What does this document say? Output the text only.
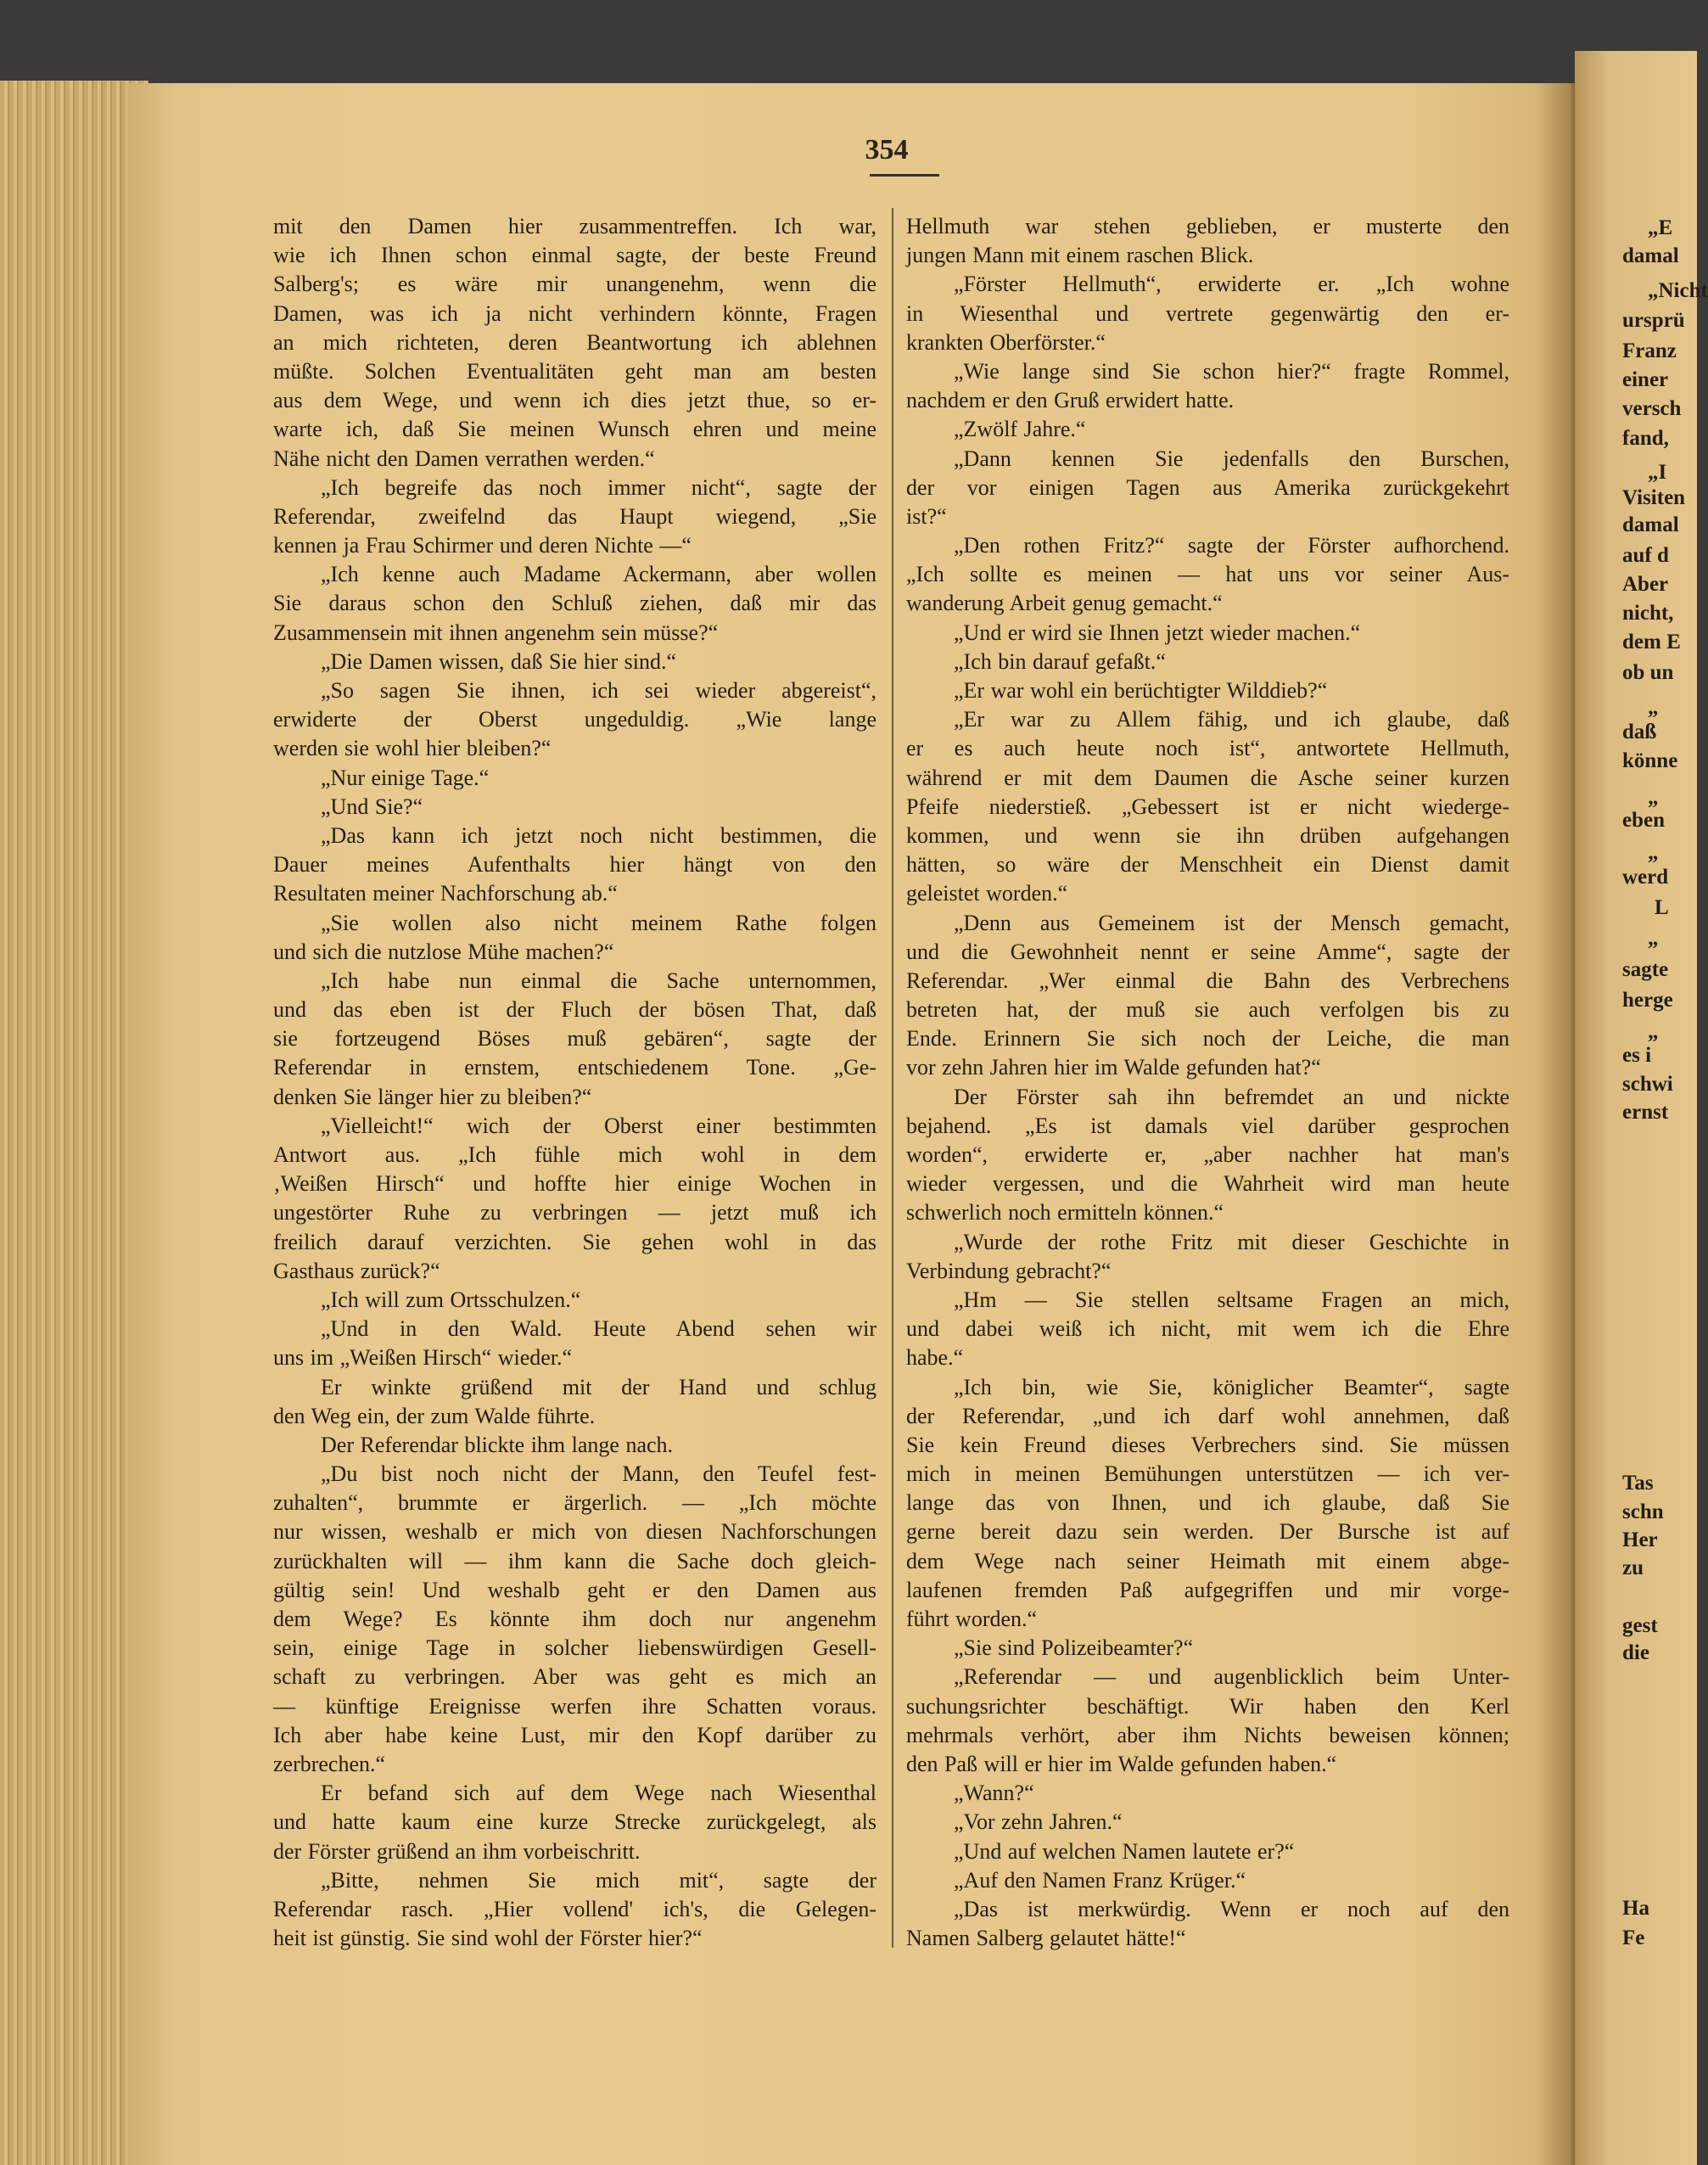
354
mit den Damen hier zusammentreffen. Ich war,
wie ich Ihnen schon einmal sagte, der beste Freund
Salberg's; es wäre mir unangenehm, wenn die
Damen, was ich ja nicht verhindern könnte, Fragen
an mich richteten, deren Beantwortung ich ablehnen
müßte. Solchen Eventualitäten geht man am besten
aus dem Wege, und wenn ich dies jetzt thue, so er-
warte ich, daß Sie meinen Wunsch ehren und meine
Nähe nicht den Damen verrathen werden.“
„Ich begreife das noch immer nicht“, sagte der
Referendar, zweifelnd das Haupt wiegend, „Sie
kennen ja Frau Schirmer und deren Nichte —“
„Ich kenne auch Madame Ackermann, aber wollen
Sie daraus schon den Schluß ziehen, daß mir das
Zusammensein mit ihnen angenehm sein müsse?“
„Die Damen wissen, daß Sie hier sind.“
„So sagen Sie ihnen, ich sei wieder abgereist“,
erwiderte der Oberst ungeduldig. „Wie lange
werden sie wohl hier bleiben?“
„Nur einige Tage.“
„Und Sie?“
„Das kann ich jetzt noch nicht bestimmen, die
Dauer meines Aufenthalts hier hängt von den
Resultaten meiner Nachforschung ab.“
„Sie wollen also nicht meinem Rathe folgen
und sich die nutzlose Mühe machen?“
„Ich habe nun einmal die Sache unternommen,
und das eben ist der Fluch der bösen That, daß
sie fortzeugend Böses muß gebären“, sagte der
Referendar in ernstem, entschiedenem Tone. „Ge-
denken Sie länger hier zu bleiben?“
„Vielleicht!“ wich der Oberst einer bestimmten
Antwort aus. „Ich fühle mich wohl in dem
‚Weißen Hirsch“ und hoffte hier einige Wochen in
ungestörter Ruhe zu verbringen — jetzt muß ich
freilich darauf verzichten. Sie gehen wohl in das
Gasthaus zurück?“
„Ich will zum Ortsschulzen.“
„Und in den Wald. Heute Abend sehen wir
uns im „Weißen Hirsch“ wieder.“
Er winkte grüßend mit der Hand und schlug
den Weg ein, der zum Walde führte.
Der Referendar blickte ihm lange nach.
„Du bist noch nicht der Mann, den Teufel fest-
zuhalten“, brummte er ärgerlich. — „Ich möchte
nur wissen, weshalb er mich von diesen Nachforschungen
zurückhalten will — ihm kann die Sache doch gleich-
gültig sein! Und weshalb geht er den Damen aus
dem Wege? Es könnte ihm doch nur angenehm
sein, einige Tage in solcher liebenswürdigen Gesell-
schaft zu verbringen. Aber was geht es mich an
— künftige Ereignisse werfen ihre Schatten voraus.
Ich aber habe keine Lust, mir den Kopf darüber zu
zerbrechen.“
Er befand sich auf dem Wege nach Wiesenthal
und hatte kaum eine kurze Strecke zurückgelegt, als
der Förster grüßend an ihm vorbeischritt.
„Bitte, nehmen Sie mich mit“, sagte der
Referendar rasch. „Hier vollend' ich's, die Gelegen-
heit ist günstig. Sie sind wohl der Förster hier?“
Hellmuth war stehen geblieben, er musterte den
jungen Mann mit einem raschen Blick.
„Förster Hellmuth“, erwiderte er. „Ich wohne
in Wiesenthal und vertrete gegenwärtig den er-
krankten Oberförster.“
„Wie lange sind Sie schon hier?“ fragte Rommel,
nachdem er den Gruß erwidert hatte.
„Zwölf Jahre.“
„Dann kennen Sie jedenfalls den Burschen,
der vor einigen Tagen aus Amerika zurückgekehrt
ist?“
„Den rothen Fritz?“ sagte der Förster aufhorchend.
„Ich sollte es meinen — hat uns vor seiner Aus-
wanderung Arbeit genug gemacht.“
„Und er wird sie Ihnen jetzt wieder machen.“
„Ich bin darauf gefaßt.“
„Er war wohl ein berüchtigter Wilddieb?“
„Er war zu Allem fähig, und ich glaube, daß
er es auch heute noch ist“, antwortete Hellmuth,
während er mit dem Daumen die Asche seiner kurzen
Pfeife niederstieß. „Gebessert ist er nicht wiederge-
kommen, und wenn sie ihn drüben aufgehangen
hätten, so wäre der Menschheit ein Dienst damit
geleistet worden.“
„Denn aus Gemeinem ist der Mensch gemacht,
und die Gewohnheit nennt er seine Amme“, sagte der
Referendar. „Wer einmal die Bahn des Verbrechens
betreten hat, der muß sie auch verfolgen bis zu
Ende. Erinnern Sie sich noch der Leiche, die man
vor zehn Jahren hier im Walde gefunden hat?“
Der Förster sah ihn befremdet an und nickte
bejahend. „Es ist damals viel darüber gesprochen
worden“, erwiderte er, „aber nachher hat man's
wieder vergessen, und die Wahrheit wird man heute
schwerlich noch ermitteln können.“
„Wurde der rothe Fritz mit dieser Geschichte in
Verbindung gebracht?“
„Hm — Sie stellen seltsame Fragen an mich,
und dabei weiß ich nicht, mit wem ich die Ehre
habe.“
„Ich bin, wie Sie, königlicher Beamter“, sagte
der Referendar, „und ich darf wohl annehmen, daß
Sie kein Freund dieses Verbrechers sind. Sie müssen
mich in meinen Bemühungen unterstützen — ich ver-
lange das von Ihnen, und ich glaube, daß Sie
gerne bereit dazu sein werden. Der Bursche ist auf
dem Wege nach seiner Heimath mit einem abge-
laufenen fremden Paß aufgegriffen und mir vorge-
führt worden.“
„Sie sind Polizeibeamter?“
„Referendar — und augenblicklich beim Unter-
suchungsrichter beschäftigt. Wir haben den Kerl
mehrmals verhört, aber ihm Nichts beweisen können;
den Paß will er hier im Walde gefunden haben.“
„Wann?“
„Vor zehn Jahren.“
„Und auf welchen Namen lautete er?“
„Auf den Namen Franz Krüger.“
„Das ist merkwürdig. Wenn er noch auf den
Namen Salberg gelautet hätte!“
„E
damal
„Nicht
ursprü
Franz
einer
versch
fand,
„I
Visiten
damal
auf d
Aber
nicht,
dem E
ob un
„
daß
könne
„
eben
„
werd
L
„
sagte
herge
„
es i
schwi
ernst
Tas
schn
Her
zu
gest
die
Ha
Fe
